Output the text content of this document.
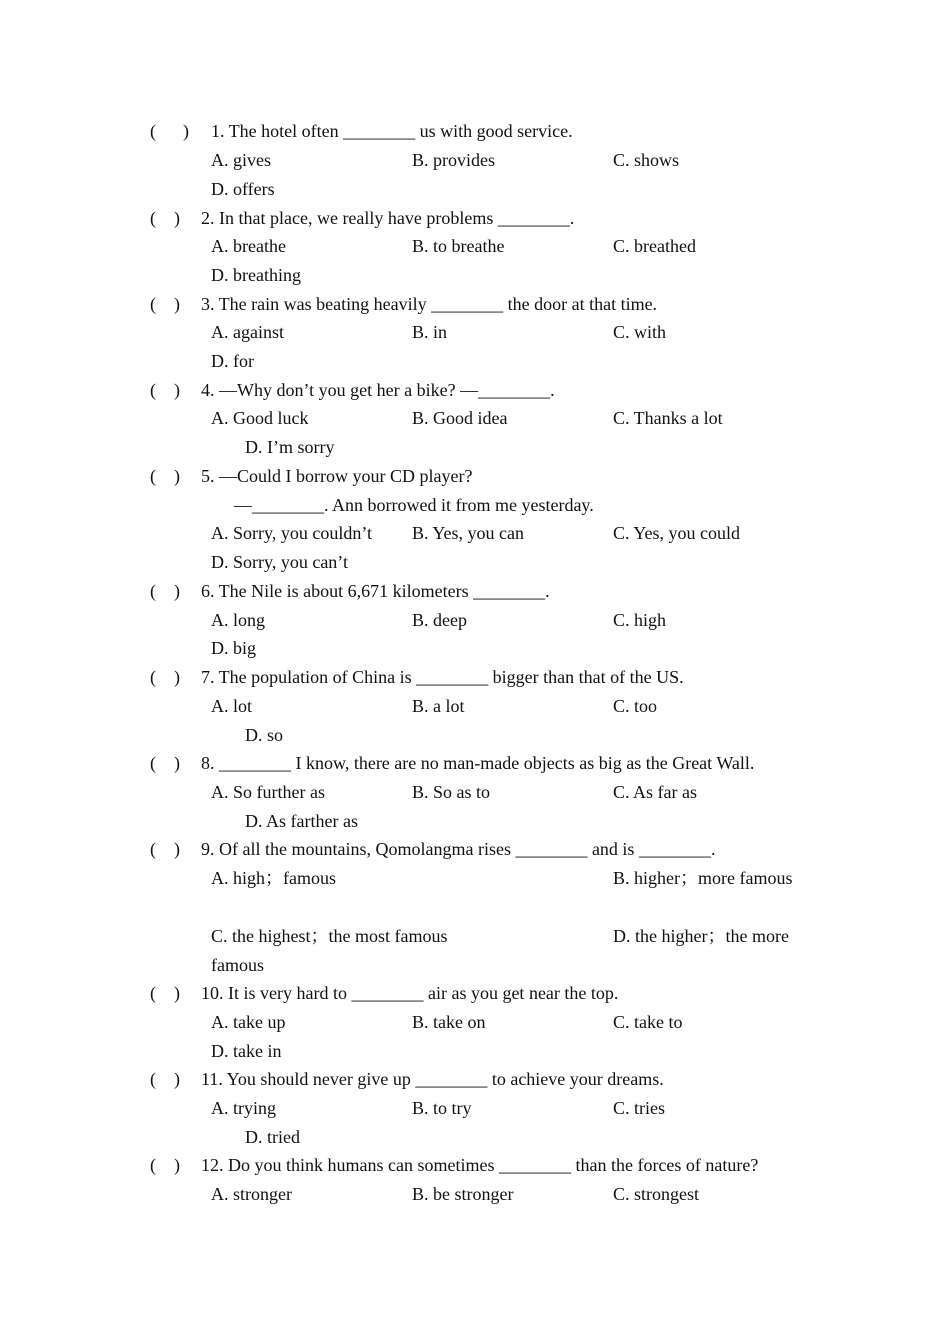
(      ) 1. The hotel often ________ us with good service.
A. gives	B. provides	C. shows
D. offers
(    ) 2. In that place, we really have problems ________.
A. breathe	B. to breathe	C. breathed
D. breathing
(    ) 3. The rain was beating heavily ________ the door at that time.
A. against	B. in	C. with
D. for
(    ) 4. —Why don’t you get her a bike? —________.
A. Good luck	B. Good idea	C. Thanks a lot
D. I’m sorry
(    ) 5. —Could I borrow your CD player?
—________. Ann borrowed it from me yesterday.
A. Sorry, you couldn’t B. Yes, you can	C. Yes, you could
D. Sorry, you can’t
(    ) 6. The Nile is about 6,671 kilometers ________.
A. long	B. deep	C. high
D. big
(    ) 7. The population of China is ________ bigger than that of the US.
A. lot	B. a lot	C. too
D. so
(    ) 8. ________ I know, there are no man-made objects as big as the Great Wall.
A. So further as	B. So as to	C. As far as
D. As farther as
(    ) 9. Of all the mountains, Qomolangma rises ________ and is ________.
A. high；famous	B. higher；more famous
C. the highest；the most famous	D. the higher；the more
famous
(    ) 10. It is very hard to ________ air as you get near the top.
A. take up	B. take on	C. take to
D. take in
(    ) 11. You should never give up ________ to achieve your dreams.
A. trying	B. to try	C. tries
D. tried
(    ) 12. Do you think humans can sometimes ________ than the forces of nature?
A. stronger	B. be stronger	C. strongest
